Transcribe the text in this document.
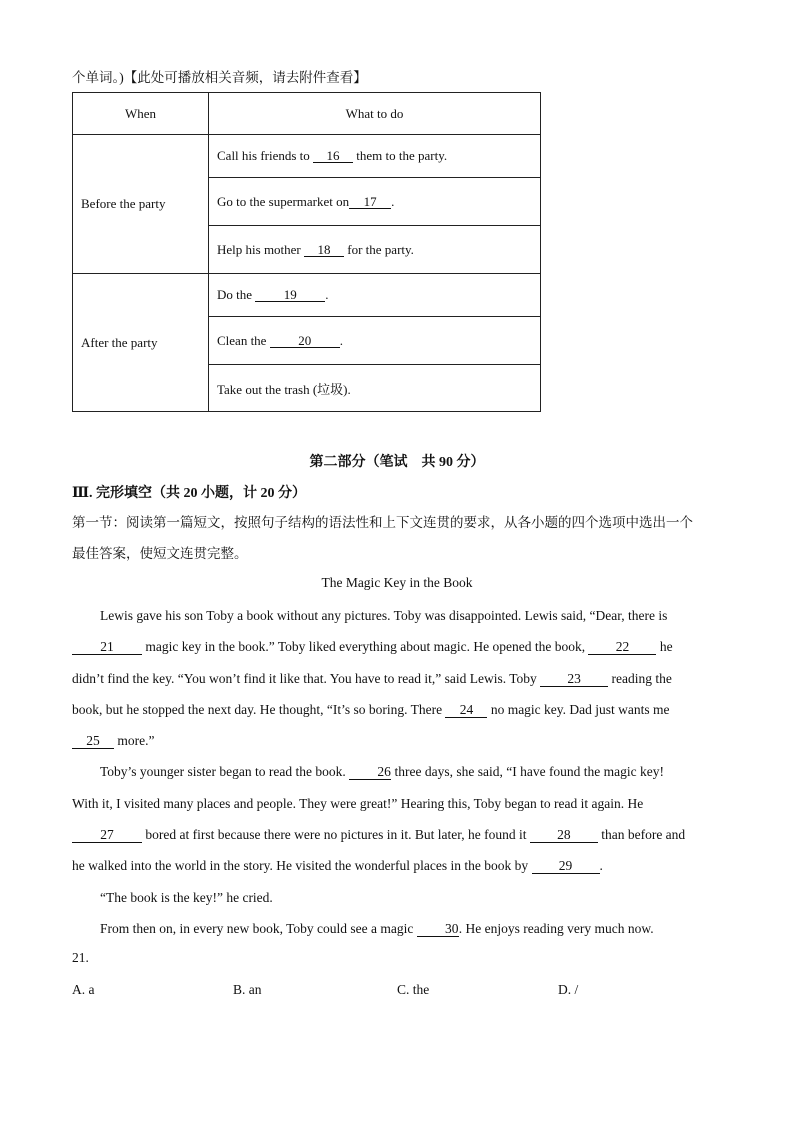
个单词。)【此处可播放相关音频，请去附件查看】
When	What to do
Before the party	Call his friends to 16 them to the party.
	Go to the supermarket on 17 .
	Help his mother 18 for the party.
After the party	Do the 19 .
	Clean the 20 .
	Take out the trash (垃圾).
第二部分（笔试　共 90 分）
Ⅲ. 完形填空（共 20 小题，计 20 分）
第一节：阅读第一篇短文，按照句子结构的语法性和上下文连贯的要求，从各小题的四个选项中选出一个
最佳答案，使短文连贯完整。
The Magic Key in the Book

Lewis gave his son Toby a book without any pictures. Toby was disappointed. Lewis said, “Dear, there is

21 magic key in the book.” Toby liked everything about magic. He opened the book, 22 he

didn’t find the key. “You won’t find it like that. You have to read it,” said Lewis. Toby 23 reading the

book, but he stopped the next day. He thought, “It’s so boring. There 24 no magic key. Dad just wants me

25 more.”

Toby’s younger sister began to read the book. 26 three days, she said, “I have found the magic key!

With it, I visited many places and people. They were great!” Hearing this, Toby began to read it again. He

27 bored at first because there were no pictures in it. But later, he found it 28 than before and

he walked into the world in the story. He visited the wonderful places in the book by 29 .

“The book is the key!” he cried.

From then on, in every new book, Toby could see a magic 30. He enjoys reading very much now.

21.
A. a	B. an	C. the	D. /
